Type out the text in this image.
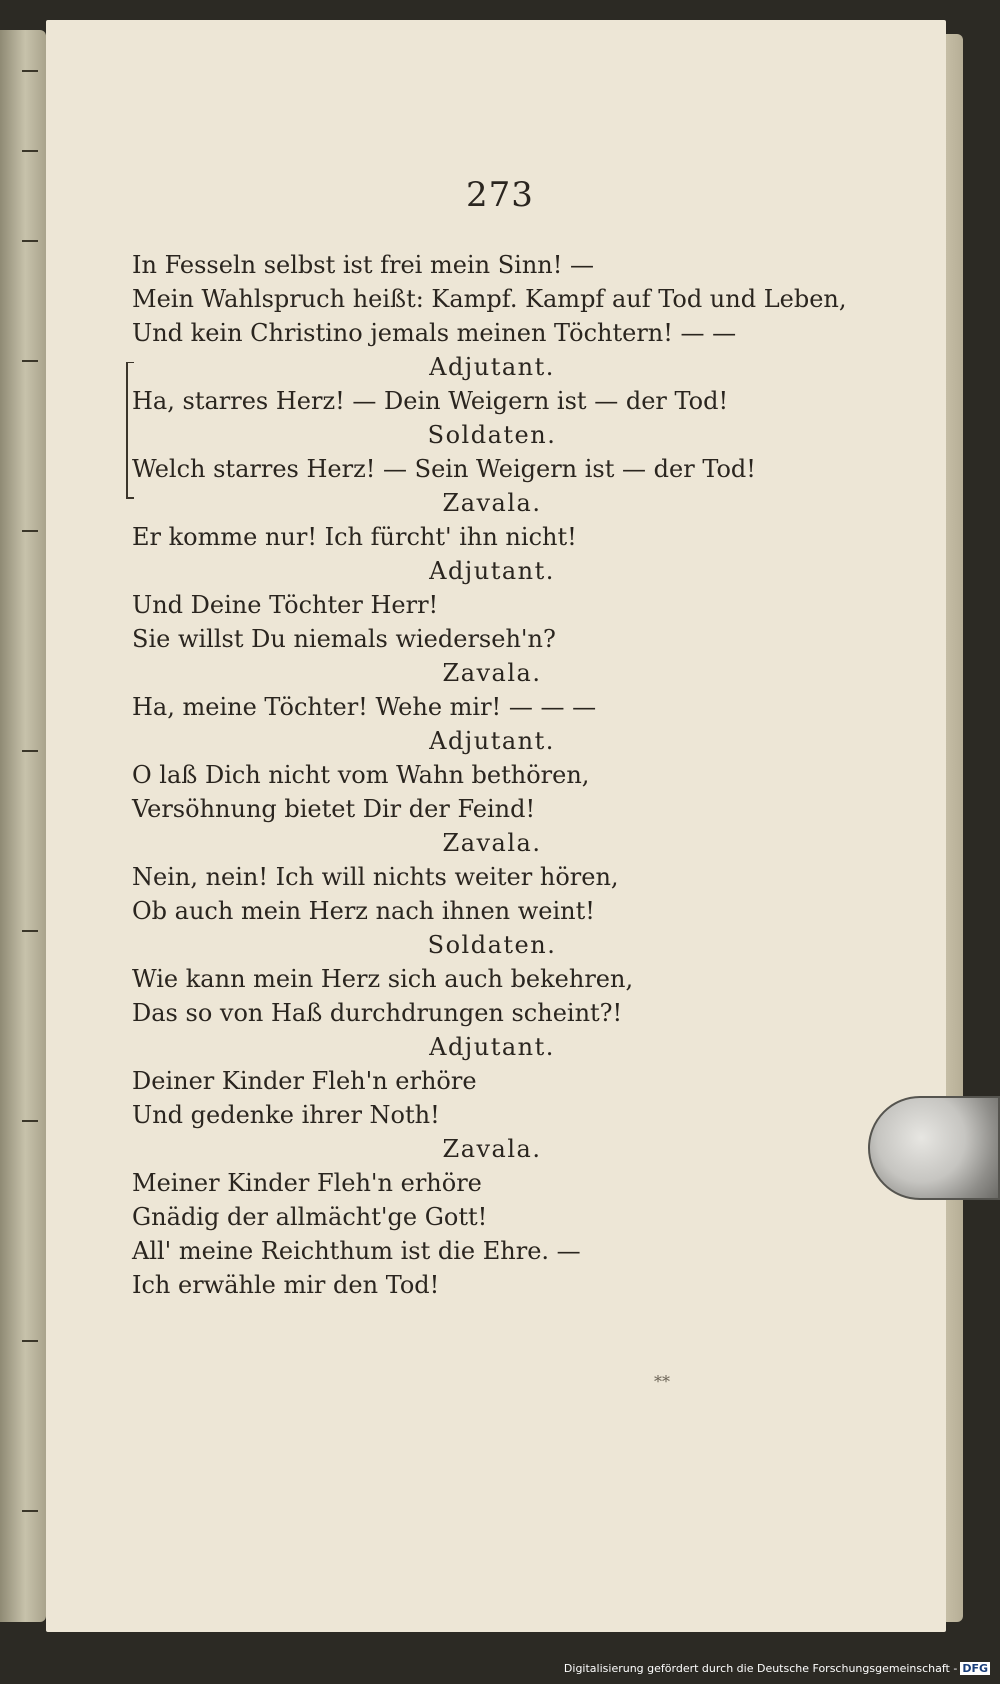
273
In Fesseln selbst ist frei mein Sinn! —
Mein Wahlspruch heißt: Kampf. Kampf auf Tod und Leben,
Und kein Christino jemals meinen Töchtern! — —
Adjutant.
Ha, starres Herz! — Dein Weigern ist — der Tod!
Soldaten.
Welch starres Herz! — Sein Weigern ist — der Tod!
Zavala.
Er komme nur! Ich fürcht' ihn nicht!
Adjutant.
Und Deine Töchter Herr!
Sie willst Du niemals wiederseh'n?
Zavala.
Ha, meine Töchter! Wehe mir! — — —
Adjutant.
O laß Dich nicht vom Wahn bethören,
Versöhnung bietet Dir der Feind!
Zavala.
Nein, nein! Ich will nichts weiter hören,
Ob auch mein Herz nach ihnen weint!
Soldaten.
Wie kann mein Herz sich auch bekehren,
Das so von Haß durchdrungen scheint?!
Adjutant.
Deiner Kinder Fleh'n erhöre
Und gedenke ihrer Noth!
Zavala.
Meiner Kinder Fleh'n erhöre
Gnädig der allmächt'ge Gott!
All' meine Reichthum ist die Ehre. —
Ich erwähle mir den Tod!
**
Digitalisierung gefördert durch die Deutsche Forschungsgemeinschaft - DFG
